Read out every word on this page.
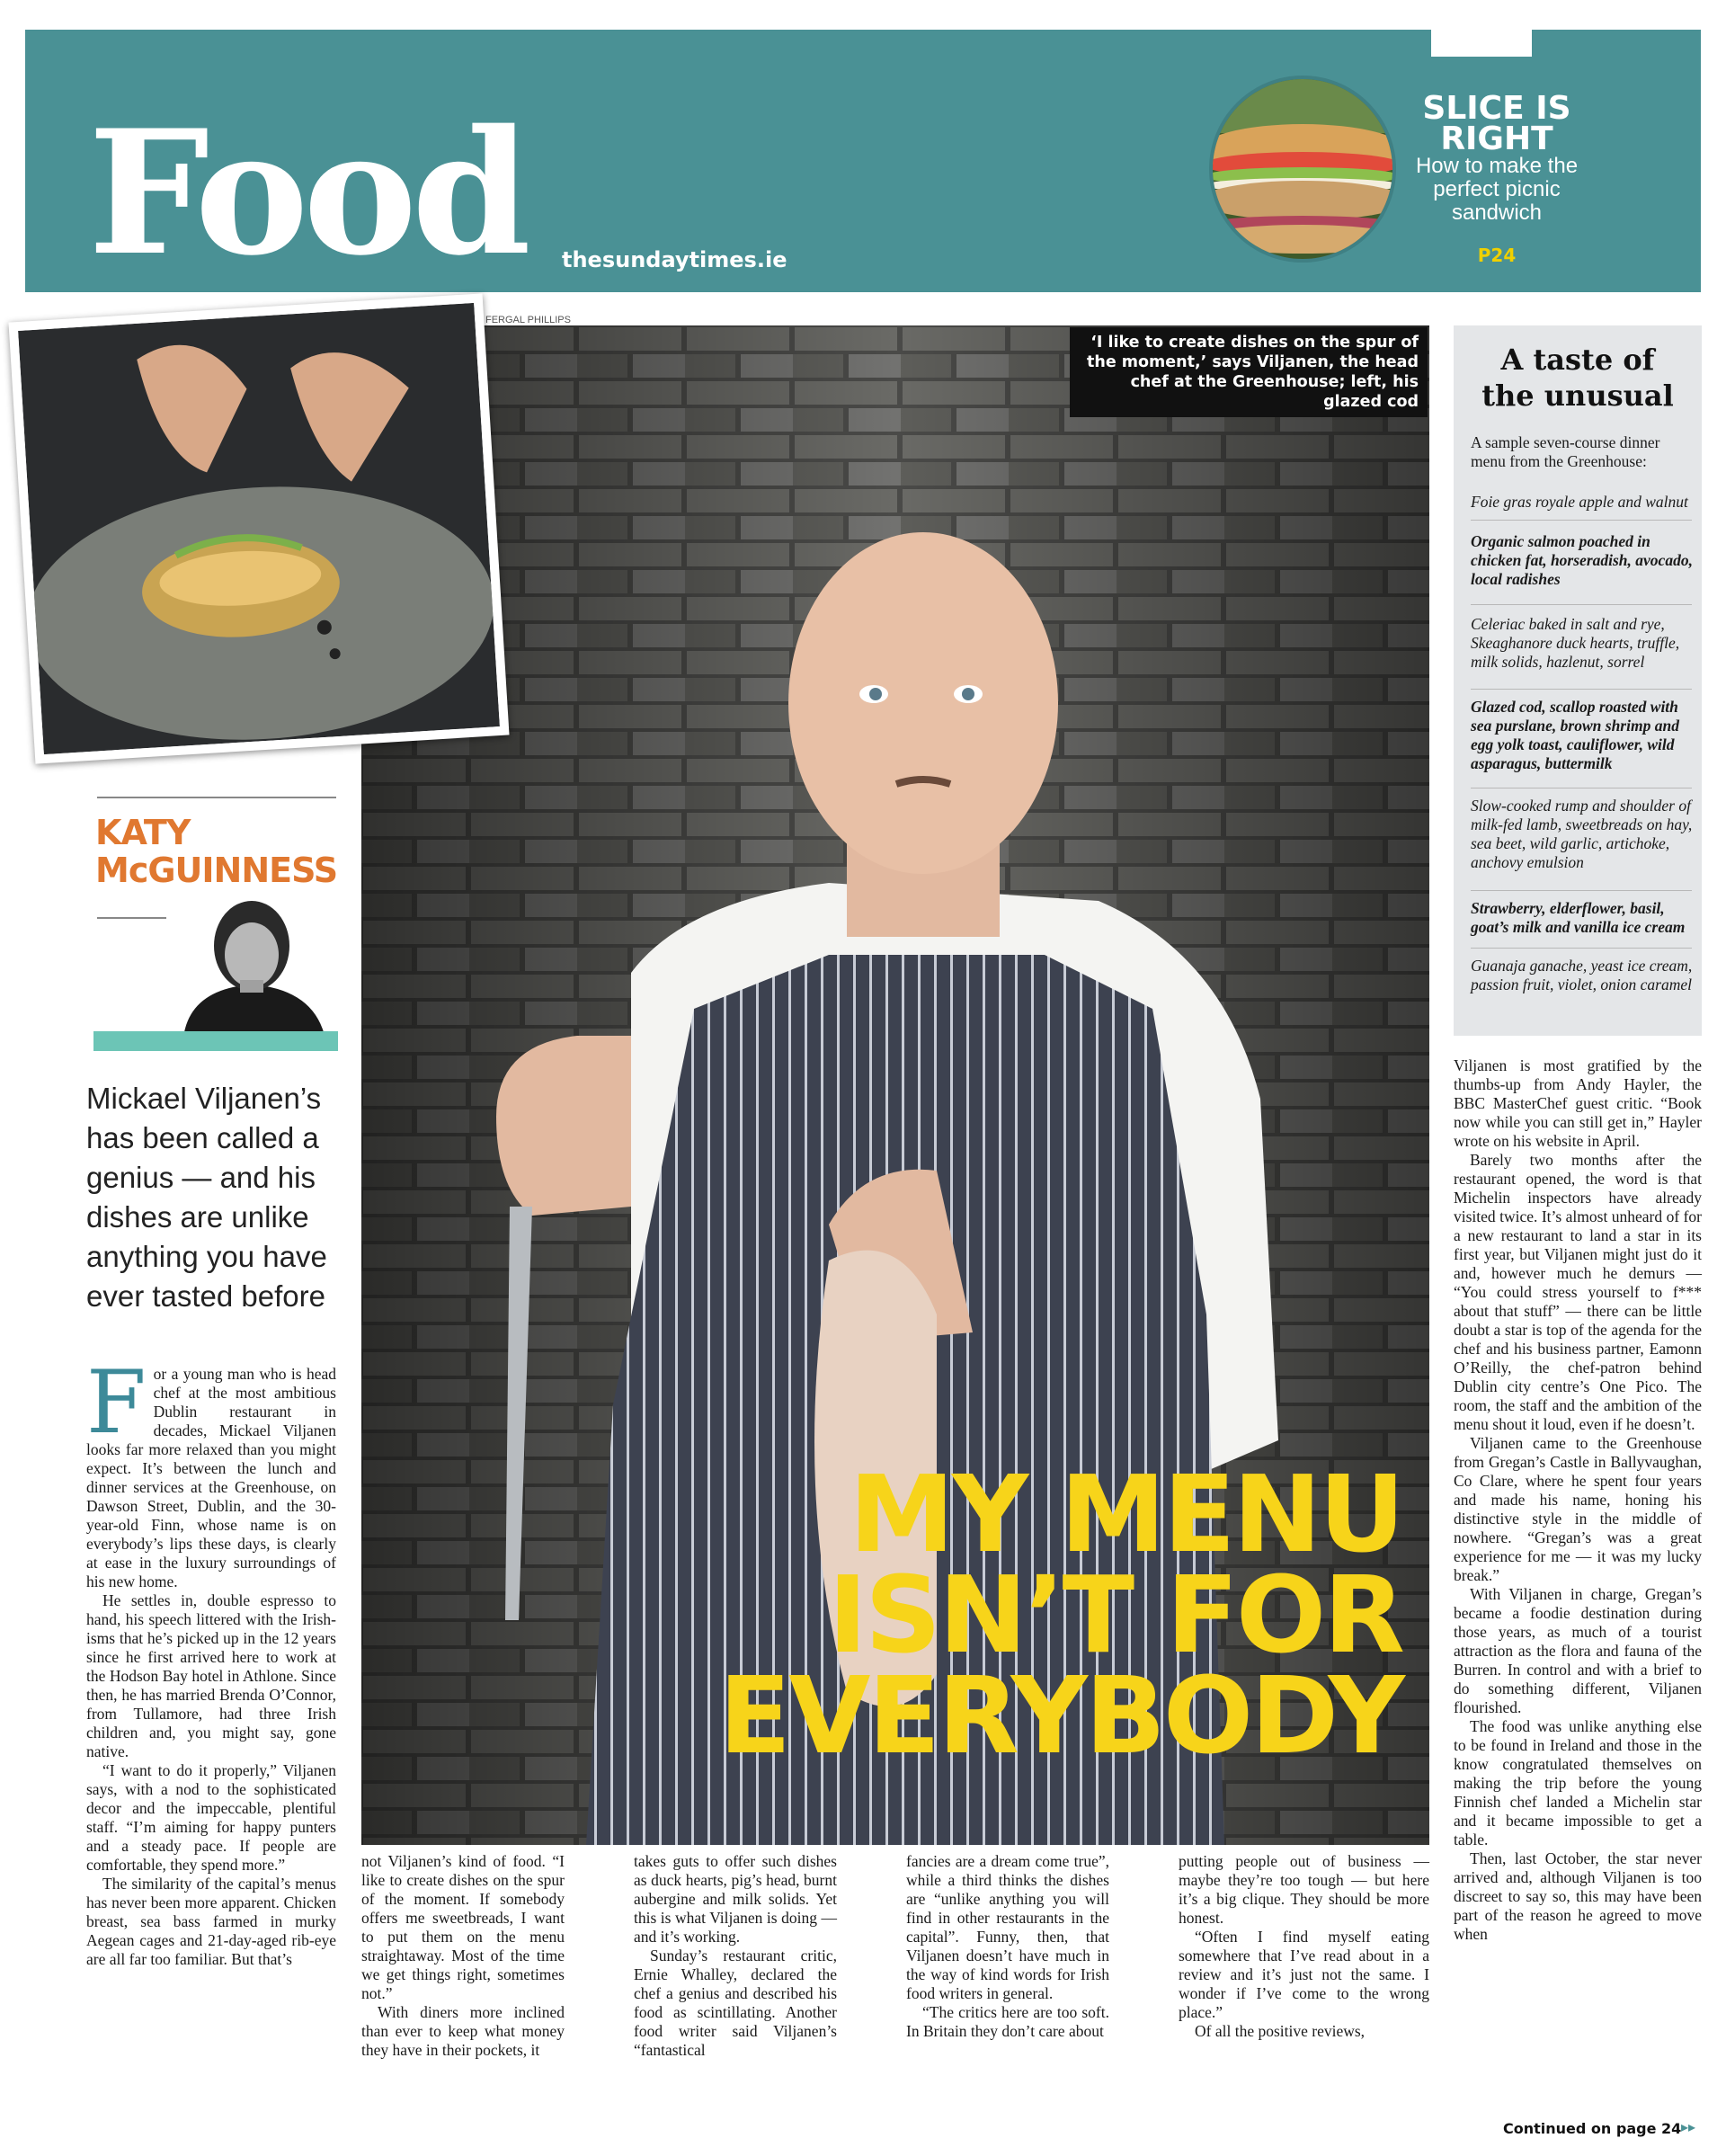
Food thesundaytimes.ie
SLICE IS
RIGHT
How to make the perfect picnic sandwich
P24
FERGAL PHILLIPS
‘I like to create dishes on the spur of the moment,’ says Viljanen, the head chef at the Greenhouse; left, his glazed cod
MY MENU
ISN’T FOR
EVERYBODY
KATY
McGUINNESS
Mickael Viljanen’s has been called a genius — and his dishes are unlike anything you have ever tasted before
F or a young man who is head chef at the most ambitious Dublin restaurant in decades, Mickael Viljanen looks far more relaxed than you might expect. It’s between the lunch and dinner services at the Greenhouse, on Dawson Street, Dublin, and the 30-year-old Finn, whose name is on everybody’s lips these days, is clearly at ease in the luxury surroundings of his new home.

He settles in, double espresso to hand, his speech littered with the Irish-isms that he’s picked up in the 12 years since he first arrived here to work at the Hodson Bay hotel in Athlone. Since then, he has married Brenda O’Connor, from Tullamore, had three Irish children and, you might say, gone native.

“I want to do it properly,” Viljanen says, with a nod to the sophisticated decor and the impeccable, plentiful staff. “I’m aiming for happy punters and a steady pace. If people are comfortable, they spend more.”

The similarity of the capital’s menus has never been more apparent. Chicken breast, sea bass farmed in murky Aegean cages and 21-day-aged rib-eye are all far too familiar. But that’s

not Viljanen’s kind of food. “I like to create dishes on the spur of the moment. If somebody offers me sweetbreads, I want to put them on the menu straightaway. Most of the time we get things right, sometimes not.”

With diners more inclined than ever to keep what money they have in their pockets, it

takes guts to offer such dishes as duck hearts, pig’s head, burnt aubergine and milk solids. Yet this is what Viljanen is doing — and it’s working.

Sunday’s restaurant critic, Ernie Whalley, declared the chef a genius and described his food as scintillating. Another food writer said Viljanen’s “fantastical

fancies are a dream come true”, while a third thinks the dishes are “unlike anything you will find in other restaurants in the capital”. Funny, then, that Viljanen doesn’t have much in the way of kind words for Irish food writers in general.

“The critics here are too soft. In Britain they don’t care about

putting people out of business — maybe they’re too tough — but here it’s a big clique. They should be more honest.

“Often I find myself eating somewhere that I’ve read about in a review and it’s just not the same. I wonder if I’ve come to the wrong place.”

Of all the positive reviews,

Viljanen is most gratified by the thumbs-up from Andy Hayler, the BBC MasterChef guest critic. “Book now while you can still get in,” Hayler wrote on his website in April.

Barely two months after the restaurant opened, the word is that Michelin inspectors have already visited twice. It’s almost unheard of for a new restaurant to land a star in its first year, but Viljanen might just do it and, however much he demurs — “You could stress yourself to f*** about that stuff” — there can be little doubt a star is top of the agenda for the chef and his business partner, Eamonn O’Reilly, the chef-patron behind Dublin city centre’s One Pico. The room, the staff and the ambition of the menu shout it loud, even if he doesn’t.

Viljanen came to the Greenhouse from Gregan’s Castle in Ballyvaughan, Co Clare, where he spent four years and made his name, honing his distinctive style in the middle of nowhere. “Gregan’s was a great experience for me — it was my lucky break.”

With Viljanen in charge, Gregan’s became a foodie destination during those years, as much of a tourist attraction as the flora and fauna of the Burren. In control and with a brief to do something different, Viljanen flourished.

The food was unlike anything else to be found in Ireland and those in the know congratulated themselves on making the trip before the young Finnish chef landed a Michelin star and it became impossible to get a table.

Then, last October, the star never arrived and, although Viljanen is too discreet to say so, this may have been part of the reason he agreed to move when

Continued on page 24 ▸▸
A taste of
the unusual
A sample seven-course dinner menu from the Greenhouse:
Foie gras royale apple and walnut
Organic salmon poached in chicken fat, horseradish, avocado, local radishes
Celeriac baked in salt and rye, Skeaghanore duck hearts, truffle, milk solids, hazlenut, sorrel
Glazed cod, scallop roasted with sea purslane, brown shrimp and egg yolk toast, cauliflower, wild asparagus, buttermilk
Slow-cooked rump and shoulder of milk-fed lamb, sweetbreads on hay, sea beet, wild garlic, artichoke, anchovy emulsion
Strawberry, elderflower, basil, goat’s milk and vanilla ice cream
Guanaja ganache, yeast ice cream, passion fruit, violet, onion caramel
